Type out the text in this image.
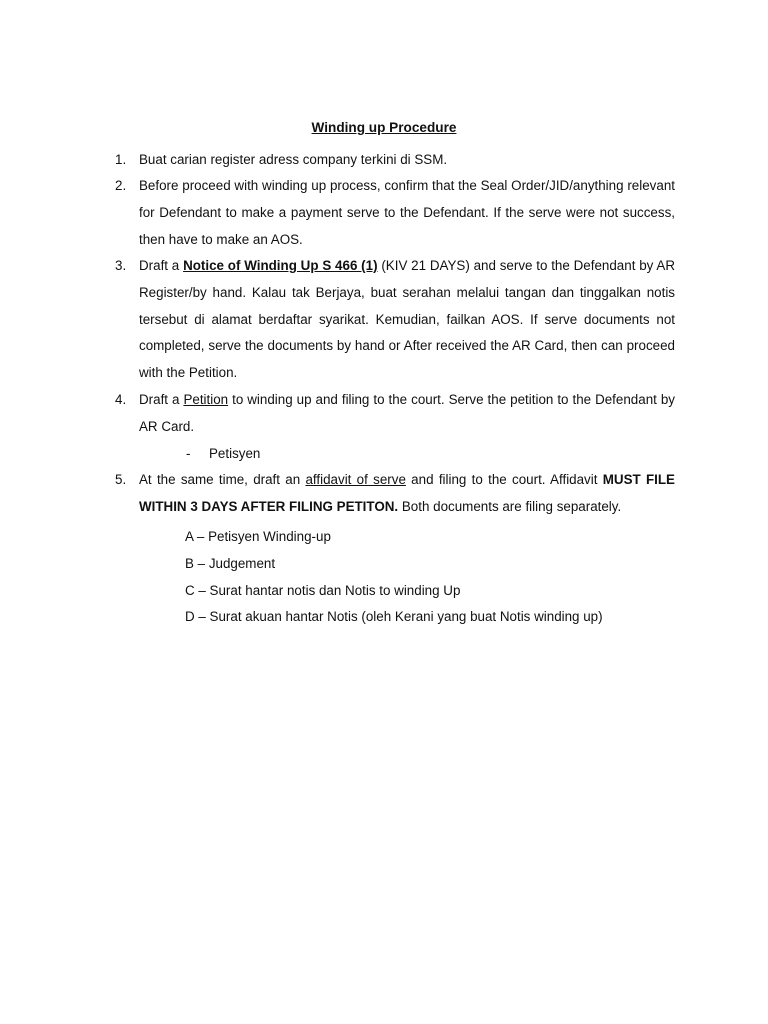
Winding up Procedure
1. Buat carian register adress company terkini di SSM.
2. Before proceed with winding up process, confirm that the Seal Order/JID/anything relevant for Defendant to make a payment serve to the Defendant. If the serve were not success, then have to make an AOS.
3. Draft a Notice of Winding Up S 466 (1) (KIV 21 DAYS) and serve to the Defendant by AR Register/by hand. Kalau tak Berjaya, buat serahan melalui tangan dan tinggalkan notis tersebut di alamat berdaftar syarikat. Kemudian, failkan AOS. If serve documents not completed, serve the documents by hand or After received the AR Card, then can proceed with the Petition.
4. Draft a Petition to winding up and filing to the court. Serve the petition to the Defendant by AR Card.
- Petisyen
5. At the same time, draft an affidavit of serve and filing to the court. Affidavit MUST FILE WITHIN 3 DAYS AFTER FILING PETITON. Both documents are filing separately.
A – Petisyen Winding-up
B – Judgement
C – Surat hantar notis dan Notis to winding Up
D – Surat akuan hantar Notis (oleh Kerani yang buat Notis winding up)
